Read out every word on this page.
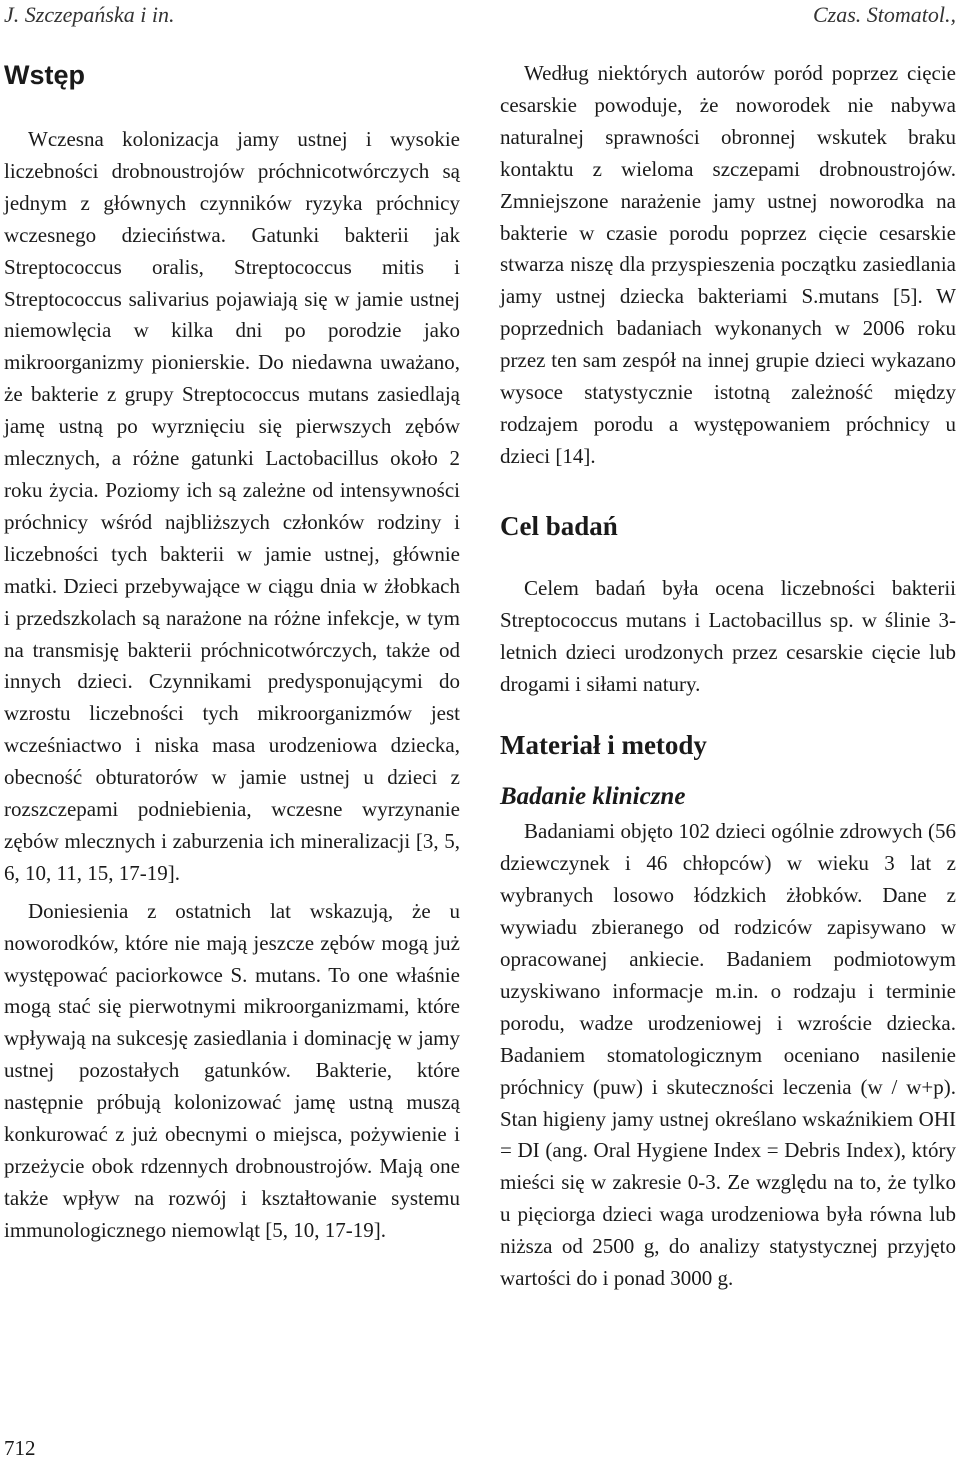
J. Szczepańska i in.	Czas. Stomatol.,
Wstęp

Wczesna kolonizacja jamy ustnej i wysokie liczebności drobnoustrojów próchnicotwórczych są jednym z głównych czynników ryzyka próchnicy wczesnego dzieciństwa. Gatunki bakterii jak Streptococcus oralis, Streptococcus mitis i Streptococcus salivarius pojawiają się w jamie ustnej niemowlęcia w kilka dni po porodzie jako mikroorganizmy pionierskie. Do niedawna uważano, że bakterie z grupy Streptococcus mutans zasiedlają jamę ustną po wyrznięciu się pierwszych zębów mlecznych, a różne gatunki Lactobacillus około 2 roku życia. Poziomy ich są zależne od intensywności próchnicy wśród najbliższych członków rodziny i liczebności tych bakterii w jamie ustnej, głównie matki. Dzieci przebywające w ciągu dnia w żłobkach i przedszkolach są narażone na różne infekcje, w tym na transmisję bakterii próchnicotwórczych, także od innych dzieci. Czynnikami predysponującymi do wzrostu liczebności tych mikroorganizmów jest wcześniactwo i niska masa urodzeniowa dziecka, obecność obturatorów w jamie ustnej u dzieci z rozszczepami podniebienia, wczesne wyrzynanie zębów mlecznych i zaburzenia ich mineralizacji [3, 5, 6, 10, 11, 15, 17-19].

Doniesienia z ostatnich lat wskazują, że u noworodków, które nie mają jeszcze zębów mogą już występować paciorkowce S. mutans. To one właśnie mogą stać się pierwotnymi mikroorganizmami, które wpływają na sukcesję zasiedlania i dominację w jamy ustnej pozostałych gatunków. Bakterie, które następnie próbują kolonizować jamę ustną muszą konkurować z już obecnymi o miejsca, pożywienie i przeżycie obok rdzennych drobnoustrojów. Mają one także wpływ na rozwój i kształtowanie systemu immunologicznego niemowląt [5, 10, 17-19].

Według niektórych autorów poród poprzez cięcie cesarskie powoduje, że noworodek nie nabywa naturalnej sprawności obronnej wskutek braku kontaktu z wieloma szczepami drobnoustrojów. Zmniejszone narażenie jamy ustnej noworodka na bakterie w czasie porodu poprzez cięcie cesarskie stwarza niszę dla przyspieszenia początku zasiedlania jamy ustnej dziecka bakteriami S.mutans [5]. W poprzednich badaniach wykonanych w 2006 roku przez ten sam zespół na innej grupie dzieci wykazano wysoce statystycznie istotną zależność między rodzajem porodu a występowaniem próchnicy u dzieci [14].

Cel badań

Celem badań była ocena liczebności bakterii Streptococcus mutans i Lactobacillus sp. w ślinie 3-letnich dzieci urodzonych przez cesarskie cięcie lub drogami i siłami natury.

Materiał i metody
Badanie kliniczne

Badaniami objęto 102 dzieci ogólnie zdrowych (56 dziewczynek i 46 chłopców) w wieku 3 lat z wybranych losowo łódzkich żłobków. Dane z wywiadu zbieranego od rodziców zapisywano w opracowanej ankiecie. Badaniem podmiotowym uzyskiwano informacje m.in. o rodzaju i terminie porodu, wadze urodzeniowej i wzroście dziecka. Badaniem stomatologicznym oceniano nasilenie próchnicy (puw) i skuteczności leczenia (w / w+p). Stan higieny jamy ustnej określano wskaźnikiem OHI = DI (ang. Oral Hygiene Index = Debris Index), który mieści się w zakresie 0-3. Ze względu na to, że tylko u pięciorga dzieci waga urodzeniowa była równa lub niższa od 2500 g, do analizy statystycznej przyjęto wartości do i ponad 3000 g.

712
